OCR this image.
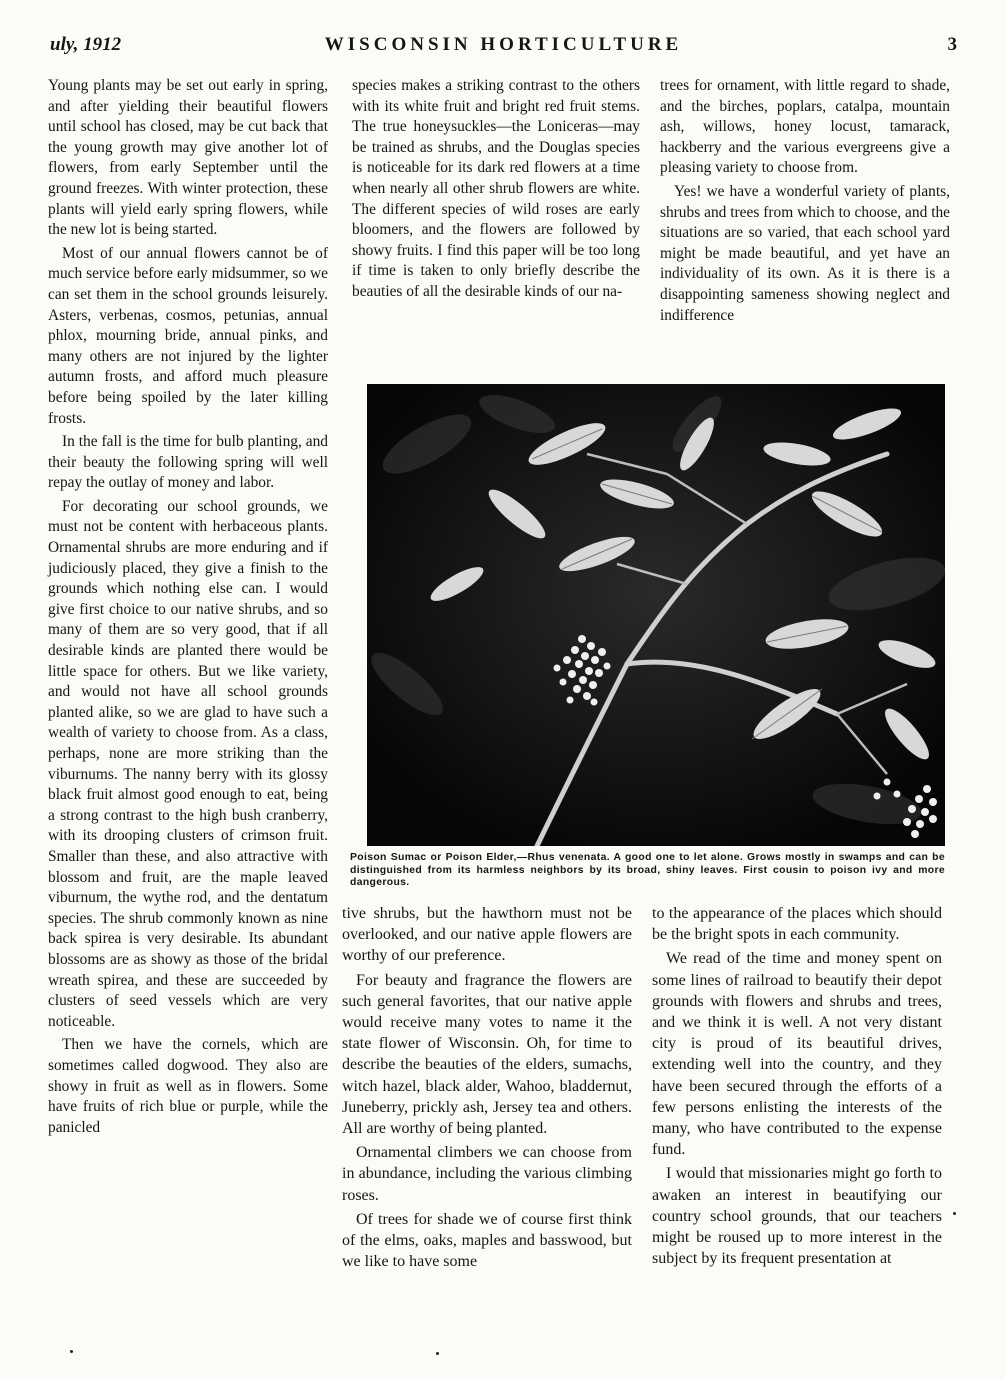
uly, 1912	WISCONSIN HORTICULTURE	3

Young plants may be set out early in spring, and after yielding their beautiful flowers until school has closed, may be cut back that the young growth may give another lot of flowers, from early September until the ground freezes. With winter protection, these plants will yield early spring flowers, while the new lot is being started.

Most of our annual flowers cannot be of much service before early midsummer, so we can set them in the school grounds leisurely. Asters, verbenas, cosmos, petunias, annual phlox, mourning bride, annual pinks, and many others are not injured by the lighter autumn frosts, and afford much pleasure before being spoiled by the later killing frosts.

In the fall is the time for bulb planting, and their beauty the following spring will well repay the outlay of money and labor.

For decorating our school grounds, we must not be content with herbaceous plants. Ornamental shrubs are more enduring and if judiciously placed, they give a finish to the grounds which nothing else can. I would give first choice to our native shrubs, and so many of them are so very good, that if all desirable kinds are planted there would be little space for others. But we like variety, and would not have all school grounds planted alike, so we are glad to have such a wealth of variety to choose from. As a class, perhaps, none are more striking than the viburnums. The nanny berry with its glossy black fruit almost good enough to eat, being a strong contrast to the high bush cranberry, with its drooping clusters of crimson fruit. Smaller than these, and also attractive with blossom and fruit, are the maple leaved viburnum, the wythe rod, and the dentatum species. The shrub commonly known as nine back spirea is very desirable. Its abundant blossoms are as showy as those of the bridal wreath spirea, and these are succeeded by clusters of seed vessels which are very noticeable.

Then we have the cornels, which are sometimes called dogwood. They also are showy in fruit as well as in flowers. Some have fruits of rich blue or purple, while the panicled

species makes a striking contrast to the others with its white fruit and bright red fruit stems. The true honeysuckles—the Loniceras—may be trained as shrubs, and the Douglas species is noticeable for its dark red flowers at a time when nearly all other shrub flowers are white. The different species of wild roses are early bloomers, and the flowers are followed by showy fruits. I find this paper will be too long if time is taken to only briefly describe the beauties of all the desirable kinds of our na-

trees for ornament, with little regard to shade, and the birches, poplars, catalpa, mountain ash, willows, honey locust, tamarack, hackberry and the various evergreens give a pleasing variety to choose from.

Yes! we have a wonderful variety of plants, shrubs and trees from which to choose, and the situations are so varied, that each school yard might be made beautiful, and yet have an individuality of its own. As it is there is a disappointing sameness showing neglect and indifference

Poison Sumac or Poison Elder,—Rhus venenata. A good one to let alone. Grows mostly in swamps and can be distinguished from its harmless neighbors by its broad, shiny leaves. First cousin to poison ivy and more dangerous.

tive shrubs, but the hawthorn must not be overlooked, and our native apple flowers are worthy of our preference.

For beauty and fragrance the flowers are such general favorites, that our native apple would receive many votes to name it the state flower of Wisconsin. Oh, for time to describe the beauties of the elders, sumachs, witch hazel, black alder, Wahoo, bladdernut, Juneberry, prickly ash, Jersey tea and others. All are worthy of being planted.

Ornamental climbers we can choose from in abundance, including the various climbing roses.

Of trees for shade we of course first think of the elms, oaks, maples and basswood, but we like to have some

to the appearance of the places which should be the bright spots in each community.

We read of the time and money spent on some lines of railroad to beautify their depot grounds with flowers and shrubs and trees, and we think it is well. A not very distant city is proud of its beautiful drives, extending well into the country, and they have been secured through the efforts of a few persons enlisting the interests of the many, who have contributed to the expense fund.

I would that missionaries might go forth to awaken an interest in beautifying our country school grounds, that our teachers might be roused up to more interest in the subject by its frequent presentation at
